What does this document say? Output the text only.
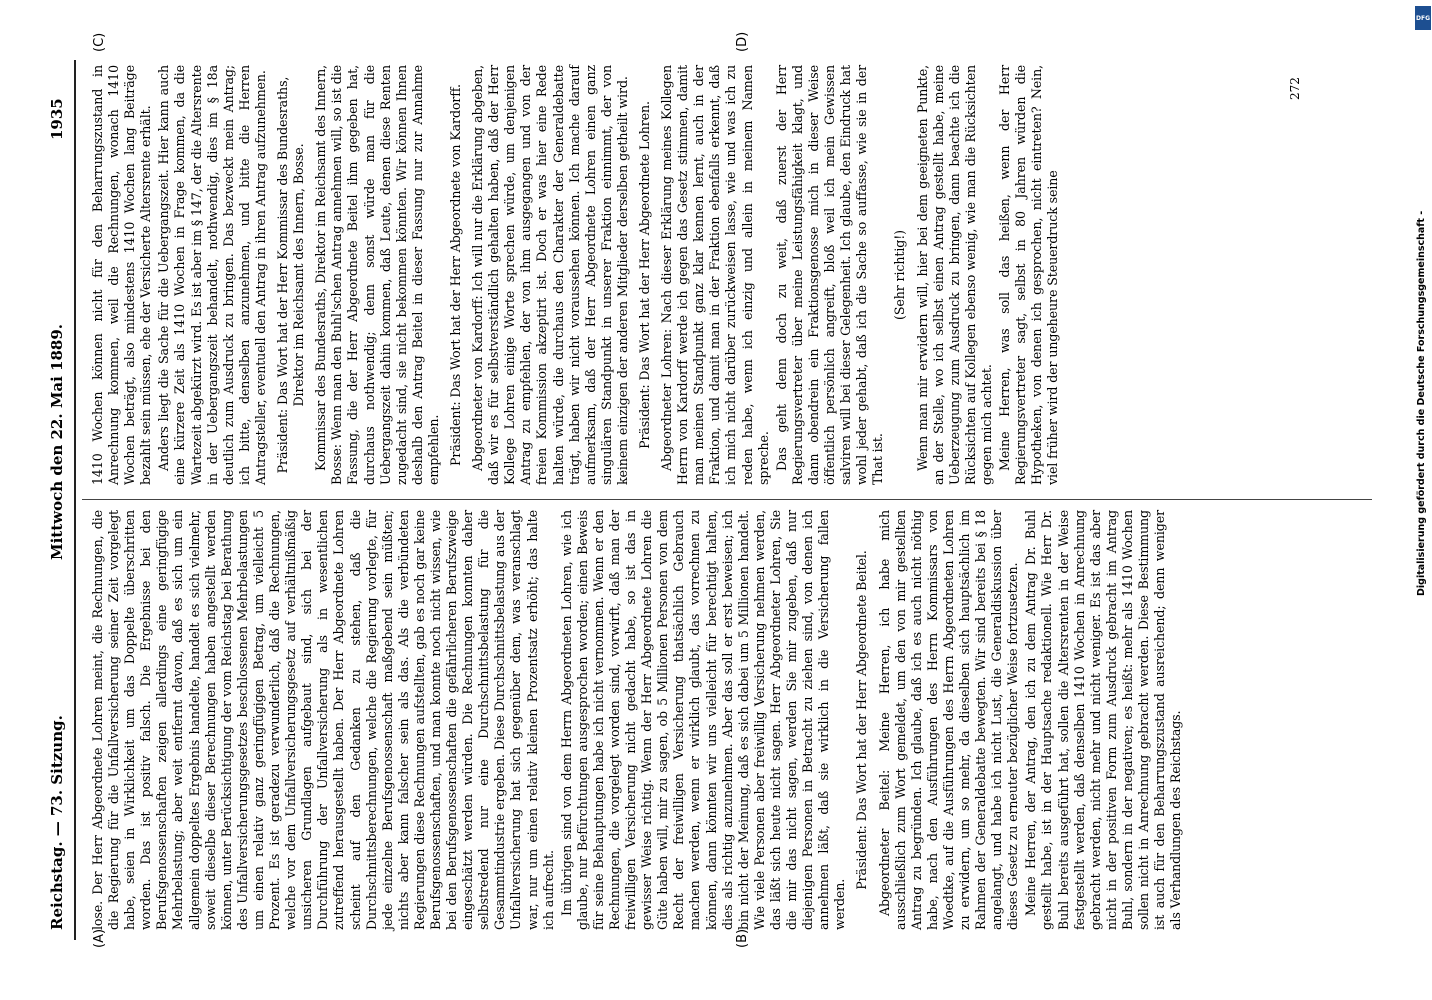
Reichstag. — 73. Sitzung.
Mittwoch den 22. Mai 1889.
1935
(A)	(B)
(C)	(D)

lose. Der Herr Abgeordnete Lohren meint, die Rechnungen, die die Regierung für die Unfallversicherung seiner Zeit vorgelegt habe, seien in Wirklichkeit um das Doppelte überschritten worden. Das ist positiv falsch. Die Ergebnisse bei den Berufsgenossenschaften zeigen allerdings eine geringfügige Mehrbelastung; aber weit entfernt davon, daß es sich um ein allgemein doppeltes Ergebnis handelte, handelt es sich vielmehr, soweit dieselbe dieser Berechnungen haben angestellt werden können, unter Berücksichtigung der vom Reichstag bei Berathung des Unfallversicherungsgesetzes beschlossenen Mehrbelastungen um einen relativ ganz geringfügigen Betrag, um vielleicht 5 Prozent. Es ist geradezu verwunderlich, daß die Rechnungen, welche vor dem Unfallversicherungsgesetz auf verhältnißmäßig unsicheren Grundlagen aufgebaut sind, sich bei der Durchführung der Unfallversicherung als in wesentlichen zutreffend herausgestellt haben. Der Herr Abgeordnete Lohren scheint auf den Gedanken zu stehen, daß die Durchschnittsberechnungen, welche die Regierung vorlegte, für jede einzelne Berufsgenossenschaft maßgebend sein müßten; nichts aber kann falscher sein als das. Als die verbündeten Regierungen diese Rechnungen aufstellten, gab es noch gar keine Berufsgenossenschaften, und man konnte noch nicht wissen, wie bei den Berufsgenossenschaften die gefährlicheren Berufszweige eingeschätzt werden würden. Die Rechnungen konnten daher selbstredend nur eine Durchschnittsbelastung für die Gesammtindustrie ergeben. Diese Durchschnittsbelastung aus der Unfallversicherung hat sich gegenüber dem, was veranschlagt war, nur um einen relativ kleinen Prozentsatz erhöht; das halte ich aufrecht. Im übrigen sind von dem Herrn Abgeordneten Lohren, wie ich glaube, nur Befürchtungen ausgesprochen worden; einen Beweis für seine Behauptungen habe ich nicht vernommen. Wenn er den Rechnungen, die vorgelegt worden sind, vorwirft, daß man der freiwilligen Versicherung nicht gedacht habe, so ist das in gewisser Weise richtig. Wenn der Herr Abgeordnete Lohren die Güte haben will, mir zu sagen, ob 5 Millionen Personen von dem Recht der freiwilligen Versicherung thatsächlich Gebrauch machen werden, wenn er wirklich glaubt, das vorrechnen zu können, dann könnten wir uns vielleicht für berechtigt halten, dies als richtig anzunehmen. Aber das soll er erst beweisen; ich bin nicht der Meinung, daß es sich dabei um 5 Millionen handelt. Wie viele Personen aber freiwillig Versicherung nehmen werden, das läßt sich heute nicht sagen. Herr Abgeordneter Lohren, Sie die mir das nicht sagen, werden Sie mir zugeben, daß nur diejenigen Personen in Betracht zu ziehen sind, von denen ich annehmen läßt, daß sie wirklich in die Versicherung fallen werden.

Präsident: Das Wort hat der Herr Abgeordnete Beitel. Abgeordneter Beitel: Meine Herren, ich habe mich ausschließlich zum Wort gemeldet, um den von mir gestellten Antrag zu begründen. Ich glaube, daß ich es auch nicht nöthig habe, nach den Ausführungen des Herrn Kommissars von Woedtke, auf die Ausführungen des Herrn Abgeordneten Lohren zu erwidern, um so mehr, da dieselben sich hauptsächlich im Rahmen der Generaldebatte bewegten. Wir sind bereits bei § 18 angelangt, und habe ich nicht Lust, die Generaldiskussion über dieses Gesetz zu erneuter bezüglicher Weise fortzusetzen. Meine Herren, der Antrag, den ich zu dem Antrag Dr. Buhl gestellt habe, ist in der Hauptsache redaktionell. Wie Herr Dr. Buhl bereits ausgeführt hat, sollen die Altersrenten in der Weise festgestellt werden, daß denselben 1410 Wochen in Anrechnung gebracht werden, nicht mehr und nicht weniger. Es ist das aber nicht in der positiven Form zum Ausdruck gebracht im Antrag Buhl, sondern in der negativen; es heißt: mehr als 1410 Wochen sollen nicht in Anrechnung gebracht werden. Diese Bestimmung ist auch für den Beharrungszustand ausreichend; denn weniger als Verhandlungen des Reichstags.

1410 Wochen können nicht für den Beharrungszustand in Anrechnung kommen, weil die Rechnungen, wonach 1410 Wochen beträgt, also mindestens 1410 Wochen lang Beiträge bezahlt sein müssen, ehe der Versicherte Altersrente erhält. Anders liegt die Sache für die Uebergangszeit. Hier kann auch eine kürzere Zeit als 1410 Wochen in Frage kommen, da die Wartezeit abgekürzt wird. Es ist aber im § 147, der die Altersrente in der Uebergangszeit behandelt, nothwendig, dies im § 18a deutlich zum Ausdruck zu bringen. Das bezweckt mein Antrag; ich bitte, denselben anzunehmen, und bitte die Herren Antragsteller, eventuell den Antrag in ihren Antrag aufzunehmen. Präsident: Das Wort hat der Herr Kommissar des Bundesraths, Direktor im Reichsamt des Innern, Bosse. Kommissar des Bundesraths, Direktor im Reichsamt des Innern, Bosse: Wenn man den Buhl'schen Antrag annehmen will, so ist die Fassung, die der Herr Abgeordnete Beitel ihm gegeben hat, durchaus nothwendig; denn sonst würde man für die Uebergangszeit dahin kommen, daß Leute, denen diese Renten zugedacht sind, sie nicht bekommen könnten. Wir können Ihnen deshalb den Antrag Beitel in dieser Fassung nur zur Annahme empfehlen. Präsident: Das Wort hat der Herr Abgeordnete von Kardorff. Abgeordneter von Kardorff: Ich will nur die Erklärung abgeben, daß wir es für selbstverständlich gehalten haben, daß der Herr Kollege Lohren einige Worte sprechen würde, um denjenigen Antrag zu empfehlen, der von ihm ausgegangen und von der freien Kommission akzeptirt ist. Doch er was hier eine Rede halten würde, die durchaus den Charakter der Generaldebatte trägt, haben wir nicht voraussehen können. Ich mache darauf aufmerksam, daß der Herr Abgeordnete Lohren einen ganz singulären Standpunkt in unserer Fraktion einnimmt, der von keinem einzigen der anderen Mitglieder derselben getheilt wird. Präsident: Das Wort hat der Herr Abgeordnete Lohren. Abgeordneter Lohren: Nach dieser Erklärung meines Kollegen Herrn von Kardorff werde ich gegen das Gesetz stimmen, damit man meinen Standpunkt ganz klar kennen lernt, auch in der Fraktion, und damit man in der Fraktion ebenfalls erkennt, daß ich mich nicht darüber zurückweisen lasse, wie und was ich zu reden habe, wenn ich einzig und allein in meinem Namen spreche. Das geht denn doch zu weit, daß zuerst der Herr Regierungsvertreter über meine Leistungsfähigkeit klagt, und dann obendrein ein Fraktionsgenosse mich in dieser Weise öffentlich persönlich angreift, bloß weil ich mein Gewissen salviren will bei dieser Gelegenheit. Ich glaube, den Eindruck hat wohl jeder gehabt, daß ich die Sache so auffasse, wie sie in der That ist.

(Sehr richtig!) Wenn man mir erwidern will, hier bei dem geeigneten Punkte, an der Stelle, wo ich selbst einen Antrag gestellt habe, meine Ueberzeugung zum Ausdruck zu bringen, dann beachte ich die Rücksichten auf Kollegen ebenso wenig, wie man die Rücksichten gegen mich achtet. Meine Herren, was soll das heißen, wenn der Herr Regierungsvertreter sagt, selbst in 80 Jahren würden die Hypotheken, von denen ich gesprochen, nicht eintreten? Nein, viel früher wird der ungeheure Steuerdruck seine

272
DFG
Digitalisierung gefördert durch die Deutsche Forschungsgemeinschaft -
